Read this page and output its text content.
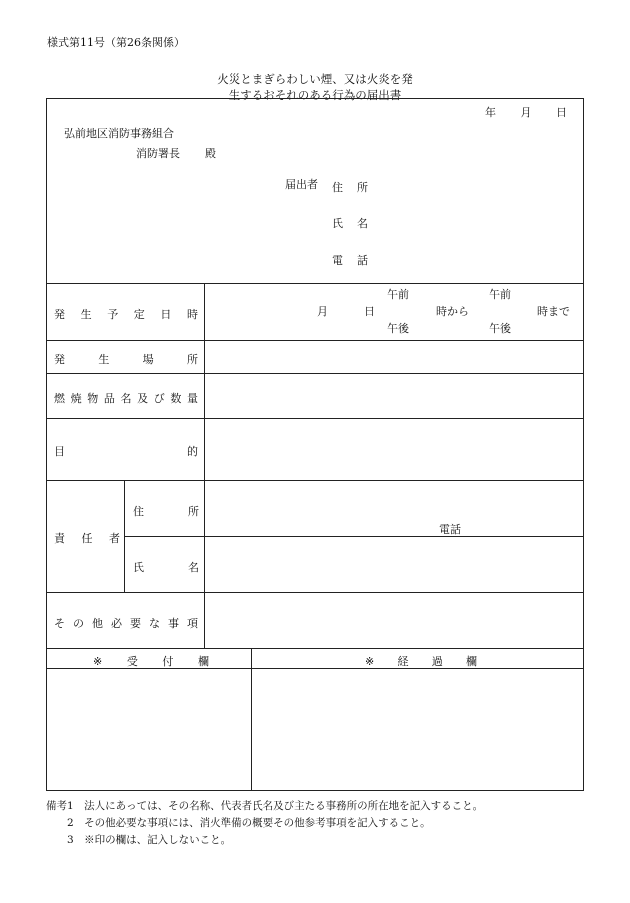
様式第11号（第26条関係）
火災とまぎらわしい煙、又は火炎を発
生するおそれのある行為の届出書
年 月 日
弘前地区消防事務組合
消防署長 殿
届出者 住 所
氏 名
電 話
発 生 予 定 日 時
午前	午前
月	日	時から	時まで
午後	午後
発	生	場	所
燃 焼 物 品 名 及 び 数 量
目	的
責 任 者
住	所
電話
氏	名
そ の 他 必 要 な 事 項
※ 受 付 欄	※ 経 過 欄
備考1　法人にあっては、その名称、代表者氏名及び主たる事務所の所在地を記入すること。
　　2　その他必要な事項には、消火準備の概要その他参考事項を記入すること。
　　3　※印の欄は、記入しないこと。
